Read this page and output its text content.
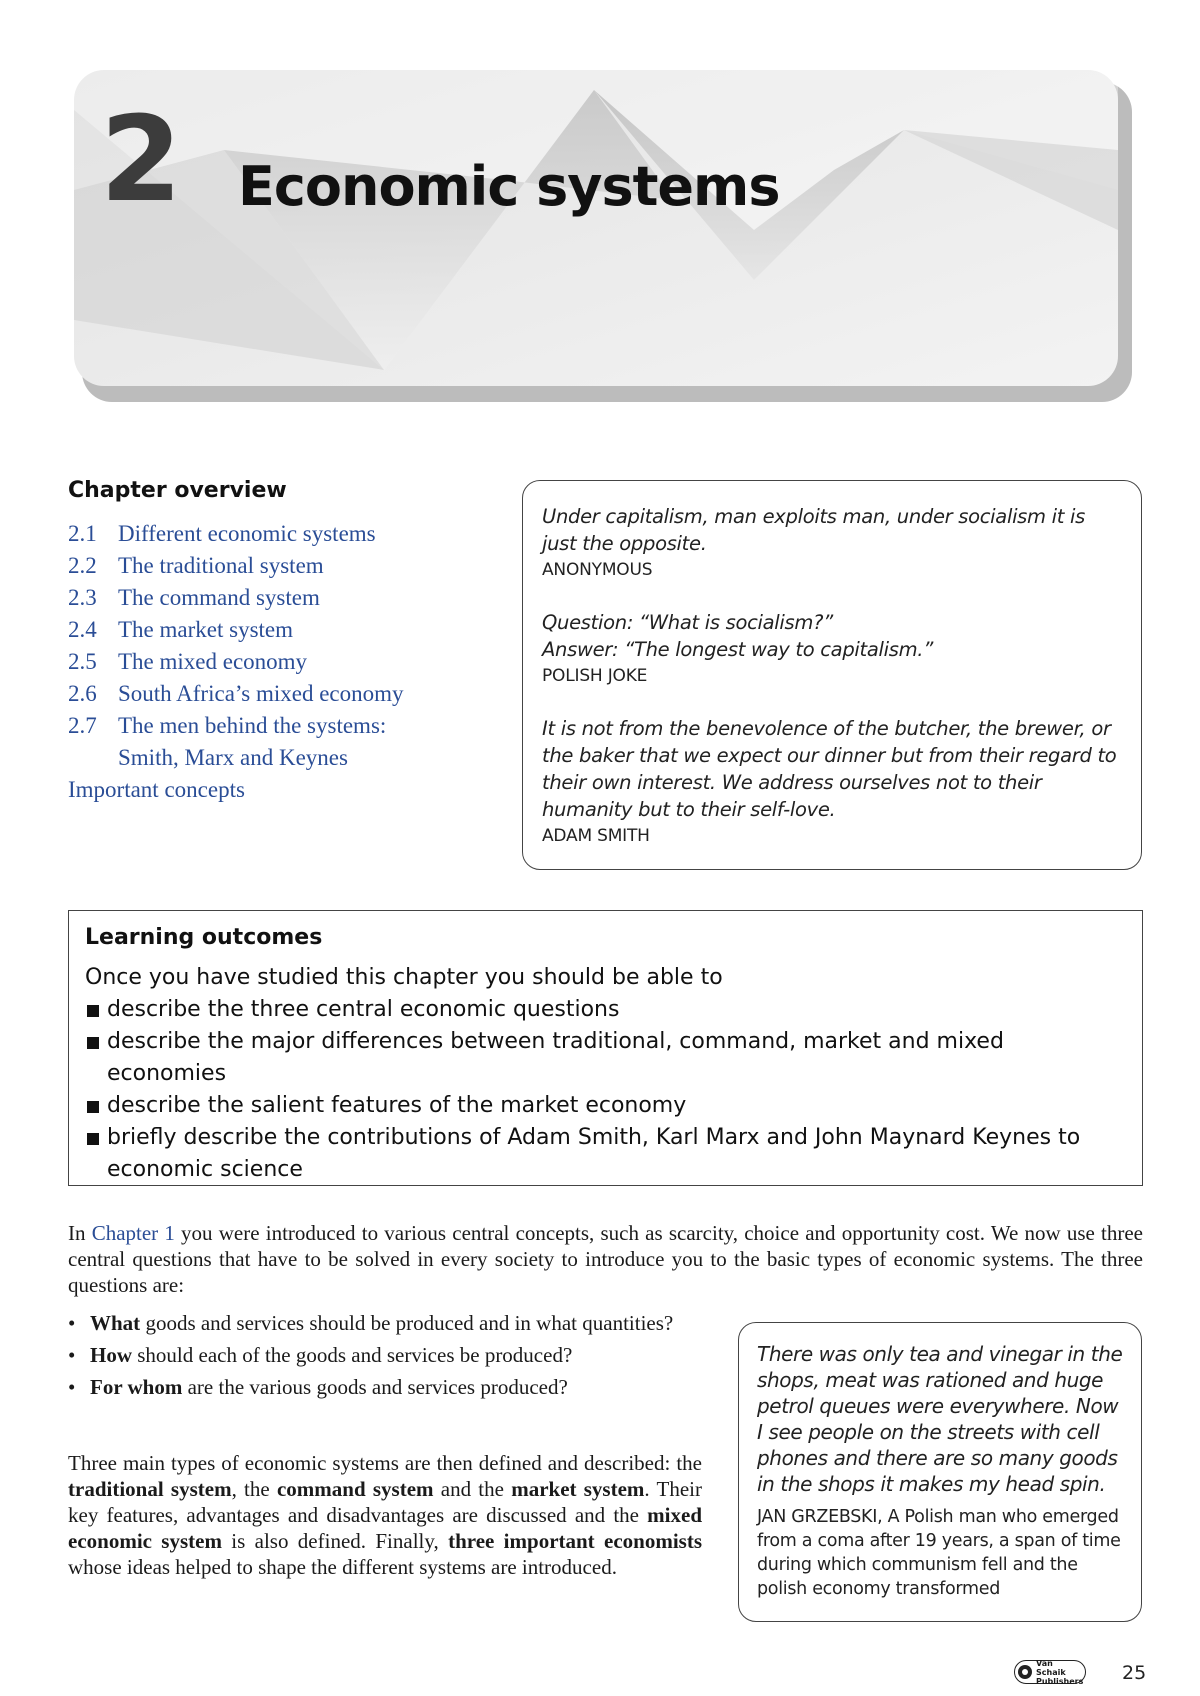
2 Economic systems
Chapter overview
2.1 Different economic systems
2.2 The traditional system
2.3 The command system
2.4 The market system
2.5 The mixed economy
2.6 South Africa’s mixed economy
2.7 The men behind the systems:
Smith, Marx and Keynes
Important concepts
Under capitalism, man exploits man, under socialism it is just the opposite.
ANONYMOUS
Question: “What is socialism?”
Answer: “The longest way to capitalism.”
POLISH JOKE
It is not from the benevolence of the butcher, the brewer, or the baker that we expect our dinner but from their regard to their own interest. We address ourselves not to their humanity but to their self-love.
ADAM SMITH
Learning outcomes
Once you have studied this chapter you should be able to
describe the three central economic questions
describe the major differences between traditional, command, market and mixed economies
describe the salient features of the market economy
briefly describe the contributions of Adam Smith, Karl Marx and John Maynard Keynes to economic science
In Chapter 1 you were introduced to various central concepts, such as scarcity, choice and opportunity cost. We now use three central questions that have to be solved in every society to introduce you to the basic types of economic systems. The three questions are:
• What goods and services should be produced and in what quantities?
• How should each of the goods and services be produced?
• For whom are the various goods and services produced?
Three main types of economic systems are then defined and described: the traditional system, the command system and the market system. Their key features, advantages and disadvantages are discussed and the mixed economic system is also defined. Finally, three important economists whose ideas helped to shape the different systems are introduced.
There was only tea and vinegar in the shops, meat was rationed and huge petrol queues were everywhere. Now I see people on the streets with cell phones and there are so many goods in the shops it makes my head spin.
JAN GRZEBSKI, A Polish man who emerged from a coma after 19 years, a span of time during which communism fell and the polish economy transformed
Van Schaik Publishers 25
